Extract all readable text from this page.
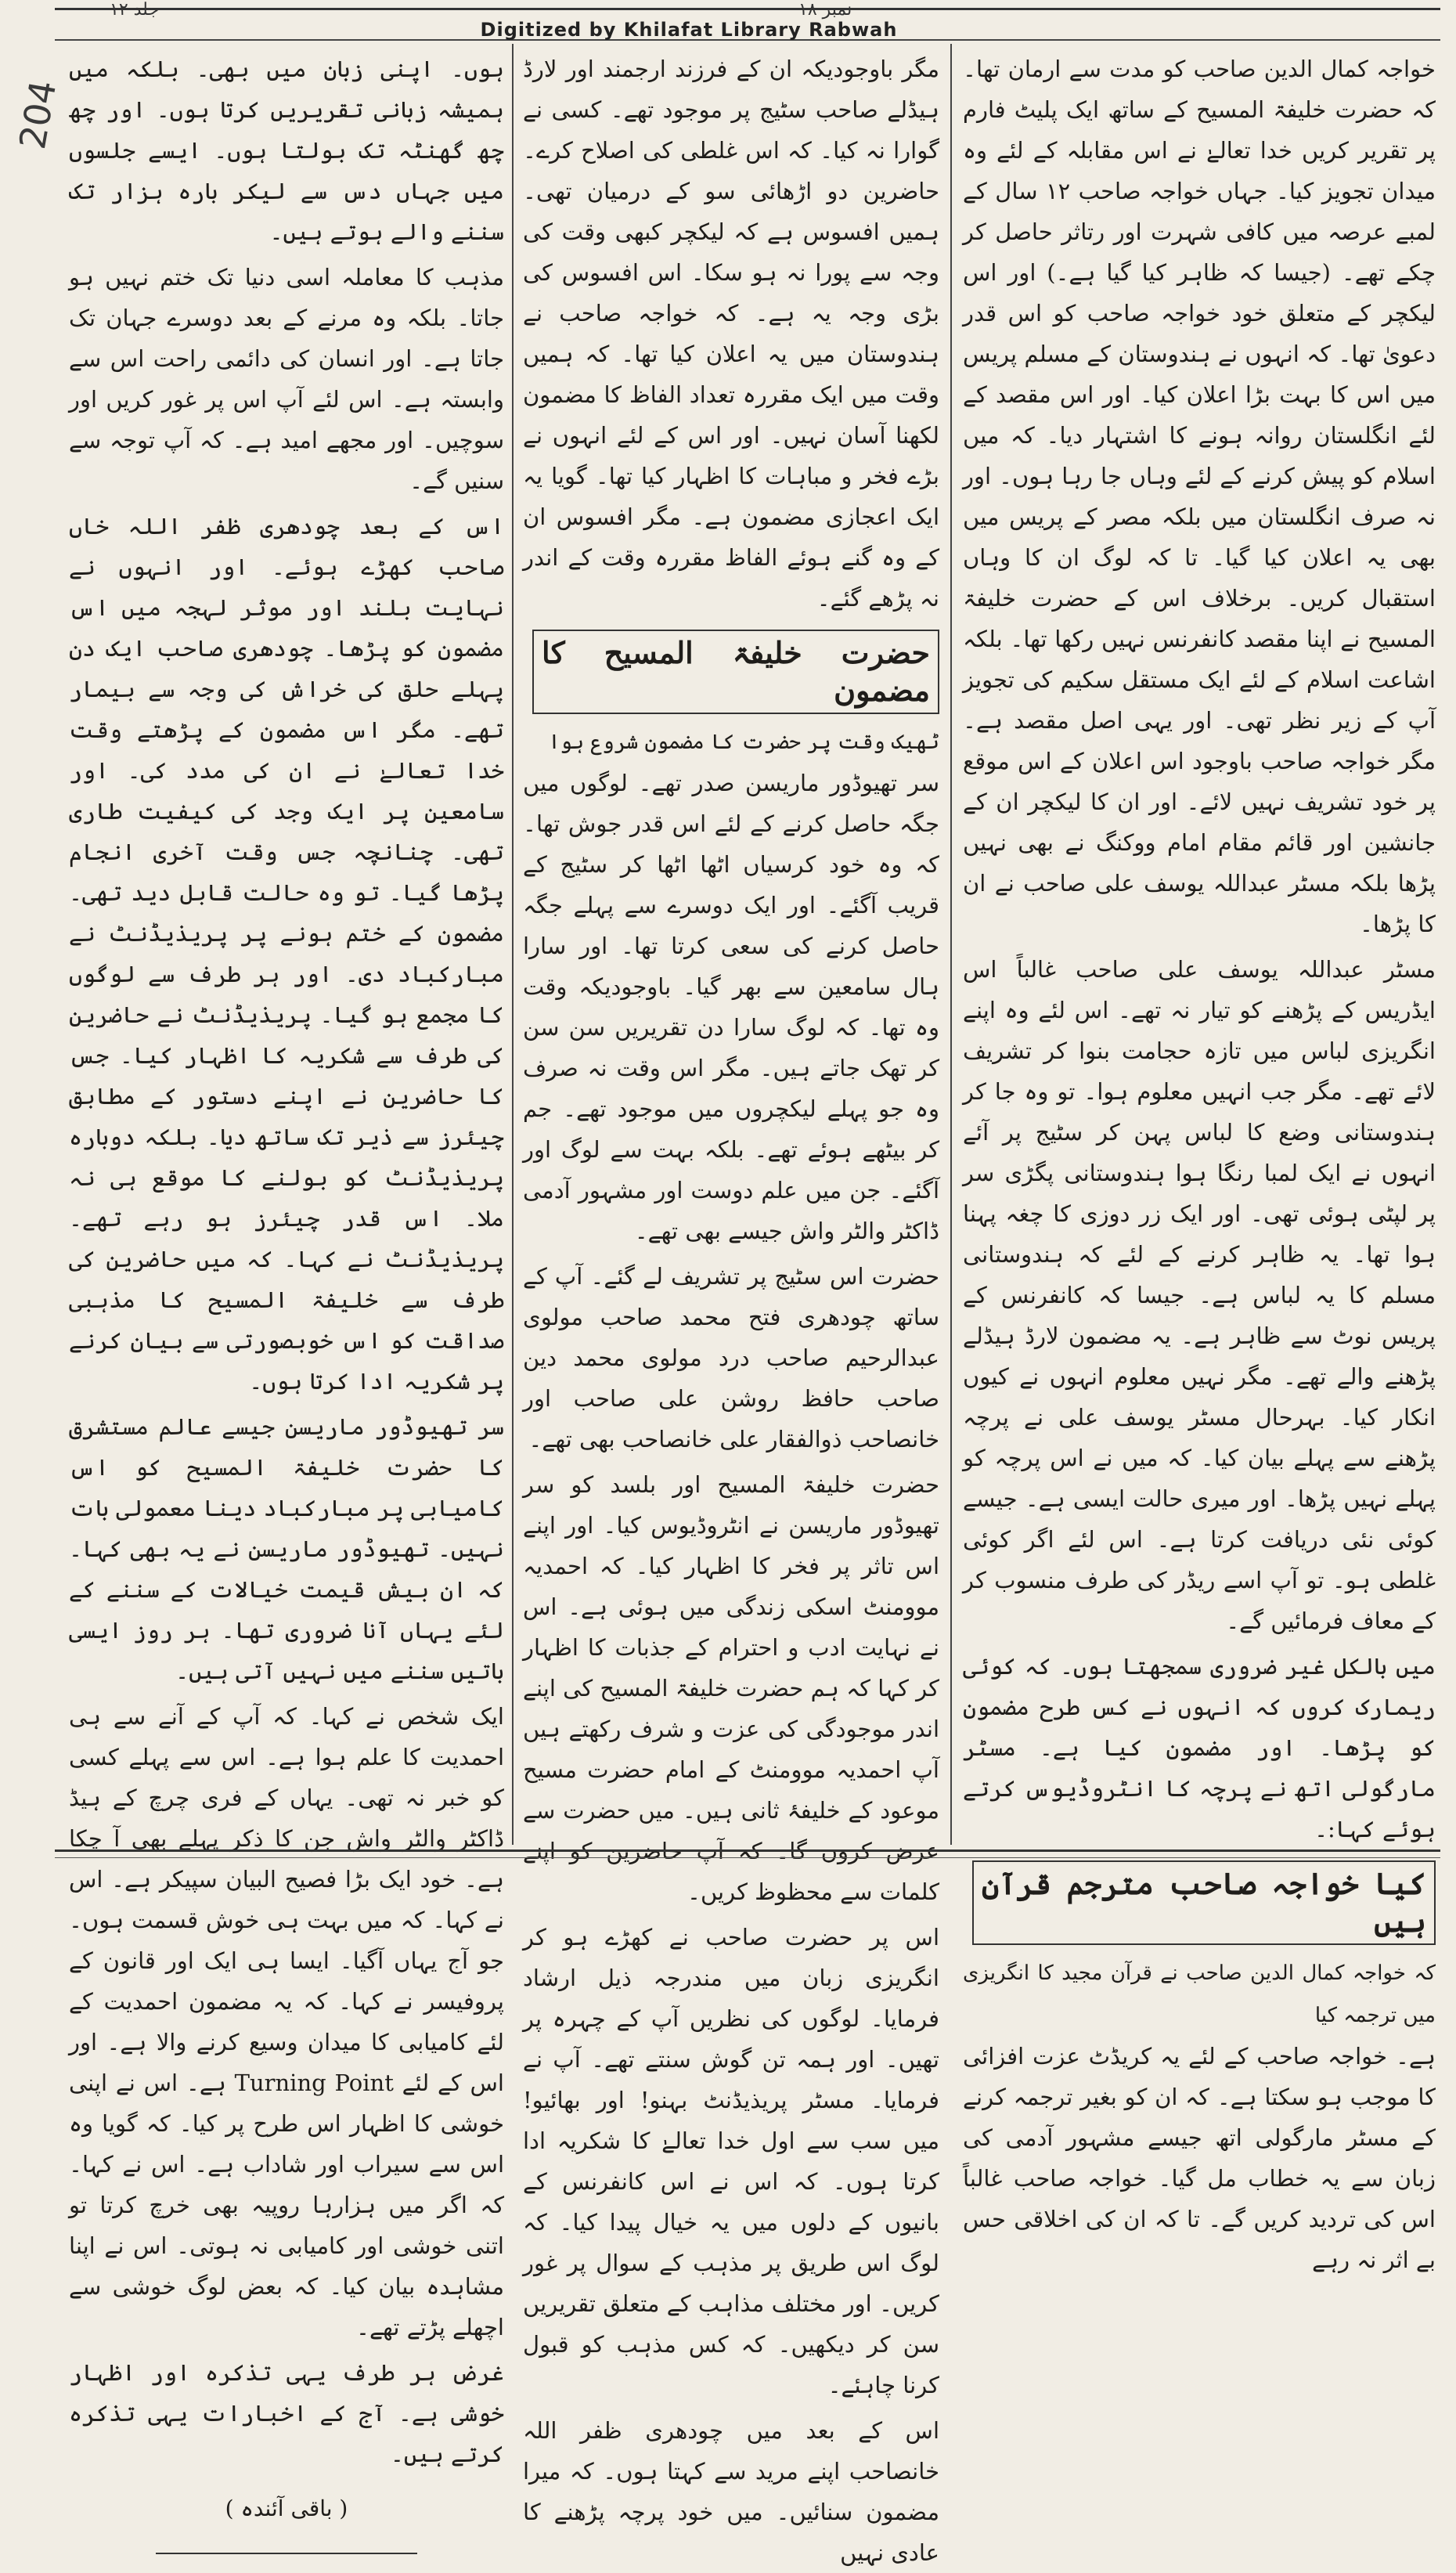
نمبر ۱۸
جلد ۱۲
Digitized by Khilafat Library Rabwah
204

خواجہ کمال الدین صاحب کو مدت سے ارمان تھا۔ کہ حضرت خلیفۃ المسیح کے ساتھ ایک پلیٹ فارم پر تقریر کریں خدا تعالےٰ نے اس مقابلہ کے لئے وہ میدان تجویز کیا۔ جہاں خواجہ صاحب ۱۲ سال کے لمبے عرصہ میں کافی شہرت اور رتاثر حاصل کر چکے تھے۔ (جیسا کہ ظاہر کیا گیا ہے۔) اور اس لیکچر کے متعلق خود خواجہ صاحب کو اس قدر دعویٰ تھا۔ کہ انہوں نے ہندوستان کے مسلم پریس میں اس کا بہت بڑا اعلان کیا۔ اور اس مقصد کے لئے انگلستان روانہ ہونے کا اشتہار دیا۔ کہ میں اسلام کو پیش کرنے کے لئے وہاں جا رہا ہوں۔ اور نہ صرف انگلستان میں بلکہ مصر کے پریس میں بھی یہ اعلان کیا گیا۔ تا کہ لوگ ان کا وہاں استقبال کریں۔ برخلاف اس کے حضرت خلیفۃ المسیح نے اپنا مقصد کانفرنس نہیں رکھا تھا۔ بلکہ اشاعت اسلام کے لئے ایک مستقل سکیم کی تجویز آپ کے زیر نظر تھی۔ اور یہی اصل مقصد ہے۔ مگر خواجہ صاحب باوجود اس اعلان کے اس موقع پر خود تشریف نہیں لائے۔ اور ان کا لیکچر ان کے جانشین اور قائم مقام امام ووکنگ نے بھی نہیں پڑھا بلکہ مسٹر عبداللہ یوسف علی صاحب نے ان کا پڑھا۔

مسٹر عبداللہ یوسف علی صاحب غالباً اس ایڈریس کے پڑھنے کو تیار نہ تھے۔ اس لئے وہ اپنے انگریزی لباس میں تازہ حجامت بنوا کر تشریف لائے تھے۔ مگر جب انہیں معلوم ہوا۔ تو وہ جا کر ہندوستانی وضع کا لباس پہن کر سٹیج پر آئے انہوں نے ایک لمبا رنگا ہوا ہندوستانی پگڑی سر پر لپٹی ہوئی تھی۔ اور ایک زر دوزی کا چغہ پہنا ہوا تھا۔ یہ ظاہر کرنے کے لئے کہ ہندوستانی مسلم کا یہ لباس ہے۔ جیسا کہ کانفرنس کے پریس نوٹ سے ظاہر ہے۔ یہ مضمون لارڈ ہیڈلے پڑھنے والے تھے۔ مگر نہیں معلوم انہوں نے کیوں انکار کیا۔ بہرحال مسٹر یوسف علی نے پرچہ پڑھنے سے پہلے بیان کیا۔ کہ میں نے اس پرچہ کو پہلے نہیں پڑھا۔ اور میری حالت ایسی ہے۔ جیسے کوئی نئی دریافت کرتا ہے۔ اس لئے اگر کوئی غلطی ہو۔ تو آپ اسے ریڈر کی طرف منسوب کر کے معاف فرمائیں گے۔

میں بالکل غیر ضروری سمجھتا ہوں۔ کہ کوئی ریمارک کروں کہ انہوں نے کس طرح مضمون کو پڑھا۔ اور مضمون کیا ہے۔ مسٹر مارگولی اتھ نے پرچہ کا انٹروڈیوس کرتے ہوئے کہا:۔

کیا خواجہ صاحب مترجم قرآن ہیں
کہ خواجہ کمال الدین صاحب نے قرآن مجید کا انگریزی میں ترجمہ کیا

ہے۔ خواجہ صاحب کے لئے یہ کریڈٹ عزت افزائی کا موجب ہو سکتا ہے۔ کہ ان کو بغیر ترجمہ کرنے کے مسٹر مارگولی اتھ جیسے مشہور آدمی کی زبان سے یہ خطاب مل گیا۔ خواجہ صاحب غالباً اس کی تردید کریں گے۔ تا کہ ان کی اخلاقی حس بے اثر نہ رہے

مگر باوجودیکہ ان کے فرزند ارجمند اور لارڈ ہیڈلے صاحب سٹیج پر موجود تھے۔ کسی نے گوارا نہ کیا۔ کہ اس غلطی کی اصلاح کرے۔ حاضرین دو اڑھائی سو کے درمیان تھی۔ ہمیں افسوس ہے کہ لیکچر کبھی وقت کی وجہ سے پورا نہ ہو سکا۔ اس افسوس کی بڑی وجہ یہ ہے۔ کہ خواجہ صاحب نے ہندوستان میں یہ اعلان کیا تھا۔ کہ ہمیں وقت میں ایک مقررہ تعداد الفاظ کا مضمون لکھنا آسان نہیں۔ اور اس کے لئے انہوں نے بڑے فخر و مباہات کا اظہار کیا تھا۔ گویا یہ ایک اعجازی مضمون ہے۔ مگر افسوس ان کے وہ گنے ہوئے الفاظ مقررہ وقت کے اندر نہ پڑھے گئے۔

حضرت خلیفۃ المسیح کا مضمون
ٹھیک وقت پر حضرت کا مضمون شروع ہوا

سر تھیوڈور ماریسن صدر تھے۔ لوگوں میں جگہ حاصل کرنے کے لئے اس قدر جوش تھا۔ کہ وہ خود کرسیاں اٹھا اٹھا کر سٹیج کے قریب آگئے۔ اور ایک دوسرے سے پہلے جگہ حاصل کرنے کی سعی کرتا تھا۔ اور سارا ہال سامعین سے بھر گیا۔ باوجودیکہ وقت وہ تھا۔ کہ لوگ سارا دن تقریریں سن سن کر تھک جاتے ہیں۔ مگر اس وقت نہ صرف وہ جو پہلے لیکچروں میں موجود تھے۔ جم کر بیٹھے ہوئے تھے۔ بلکہ بہت سے لوگ اور آگئے۔ جن میں علم دوست اور مشہور آدمی ڈاکٹر والٹر واش جیسے بھی تھے۔

حضرت اس سٹیج پر تشریف لے گئے۔ آپ کے ساتھ چودھری فتح محمد صاحب مولوی عبدالرحیم صاحب درد مولوی محمد دین صاحب حافظ روشن علی صاحب اور خانصاحب ذوالفقار علی خانصاحب بھی تھے۔

حضرت خلیفۃ المسیح اور بلسد کو سر تھیوڈور ماریسن نے انٹروڈیوس کیا۔ اور اپنے اس تاثر پر فخر کا اظہار کیا۔ کہ احمدیہ موومنٹ اسکی زندگی میں ہوئی ہے۔ اس نے نہایت ادب و احترام کے جذبات کا اظہار کر کہا کہ ہم حضرت خلیفۃ المسیح کی اپنے اندر موجودگی کی عزت و شرف رکھتے ہیں آپ احمدیہ موومنٹ کے امام حضرت مسیح موعود کے خلیفۂ ثانی ہیں۔ میں حضرت سے عرض کروں گا۔ کہ آپ حاضرین کو اپنے کلمات سے محظوظ کریں۔

اس پر حضرت صاحب نے کھڑے ہو کر انگریزی زبان میں مندرجہ ذیل ارشاد فرمایا۔ لوگوں کی نظریں آپ کے چہرہ پر تھیں۔ اور ہمہ تن گوش سنتے تھے۔ آپ نے فرمایا۔ مسٹر پریذیڈنٹ بہنو! اور بھائیو! میں سب سے اول خدا تعالےٰ کا شکریہ ادا کرتا ہوں۔ کہ اس نے اس کانفرنس کے بانیوں کے دلوں میں یہ خیال پیدا کیا۔ کہ لوگ اس طریق پر مذہب کے سوال پر غور کریں۔ اور مختلف مذاہب کے متعلق تقریریں سن کر دیکھیں۔ کہ کس مذہب کو قبول کرنا چاہئے۔

اس کے بعد میں چودھری ظفر اللہ خانصاحب اپنے مرید سے کہتا ہوں۔ کہ میرا مضمون سنائیں۔ میں خود پرچہ پڑھنے کا عادی نہیں

ہوں۔ اپنی زبان میں بھی۔ بلکہ میں ہمیشہ زبانی تقریریں کرتا ہوں۔ اور چھ چھ گھنٹہ تک بولتا ہوں۔ ایسے جلسوں میں جہاں دس سے لیکر بارہ ہزار تک سننے والے ہوتے ہیں۔

مذہب کا معاملہ اسی دنیا تک ختم نہیں ہو جاتا۔ بلکہ وہ مرنے کے بعد دوسرے جہان تک جاتا ہے۔ اور انسان کی دائمی راحت اس سے وابستہ ہے۔ اس لئے آپ اس پر غور کریں اور سوچیں۔ اور مجھے امید ہے۔ کہ آپ توجہ سے سنیں گے۔

اس کے بعد چودھری ظفر اللہ خاں صاحب کھڑے ہوئے۔ اور انہوں نے نہایت بلند اور موثر لہجہ میں اس مضمون کو پڑھا۔ چودھری صاحب ایک دن پہلے حلق کی خراش کی وجہ سے بیمار تھے۔ مگر اس مضمون کے پڑھتے وقت خدا تعالےٰ نے ان کی مدد کی۔ اور سامعین پر ایک وجد کی کیفیت طاری تھی۔ چنانچہ جس وقت آخری انجام پڑھا گیا۔ تو وہ حالت قابل دید تھی۔ مضمون کے ختم ہونے پر پریذیڈنٹ نے مبارکباد دی۔ اور ہر طرف سے لوگوں کا مجمع ہو گیا۔ پریذیڈنٹ نے حاضرین کی طرف سے شکریہ کا اظہار کیا۔ جس کا حاضرین نے اپنے دستور کے مطابق چیئرز سے ذیر تک ساتھ دیا۔ بلکہ دوبارہ پریذیڈنٹ کو بولنے کا موقع ہی نہ ملا۔ اس قدر چیئرز ہو رہے تھے۔ پریذیڈنٹ نے کہا۔ کہ میں حاضرین کی طرف سے خلیفۃ المسیح کا مذہبی صداقت کو اس خوبصورتی سے بیان کرنے پر شکریہ ادا کرتا ہوں۔

سر تھیوڈور ماریسن جیسے عالم مستشرق کا حضرت خلیفۃ المسیح کو اس کامیابی پر مبارکباد دینا معمولی بات نہیں۔ تھیوڈور ماریسن نے یہ بھی کہا۔ کہ ان بیش قیمت خیالات کے سننے کے لئے یہاں آنا ضروری تھا۔ ہر روز ایسی باتیں سننے میں نہیں آتی ہیں۔

ایک شخص نے کہا۔ کہ آپ کے آنے سے ہی احمدیت کا علم ہوا ہے۔ اس سے پہلے کسی کو خبر نہ تھی۔ یہاں کے فری چرچ کے ہیڈ ڈاکٹر والٹر واش جن کا ذکر پہلے بھی آ چکا ہے۔ خود ایک بڑا فصیح البیان سپیکر ہے۔ اس نے کہا۔ کہ میں بہت ہی خوش قسمت ہوں۔ جو آج یہاں آگیا۔ ایسا ہی ایک اور قانون کے پروفیسر نے کہا۔ کہ یہ مضمون احمدیت کے لئے کامیابی کا میدان وسیع کرنے والا ہے۔ اور اس کے لئے Turning Point ہے۔ اس نے اپنی خوشی کا اظہار اس طرح پر کیا۔ کہ گویا وہ اس سے سیراب اور شاداب ہے۔ اس نے کہا۔ کہ اگر میں ہزارہا روپیہ بھی خرچ کرتا تو اتنی خوشی اور کامیابی نہ ہوتی۔ اس نے اپنا مشاہدہ بیان کیا۔ کہ بعض لوگ خوشی سے اچھلے پڑتے تھے۔

غرض ہر طرف یہی تذکرہ اور اظہار خوشی ہے۔ آج کے اخبارات یہی تذکرہ کرتے ہیں۔

( باقی آئندہ )
